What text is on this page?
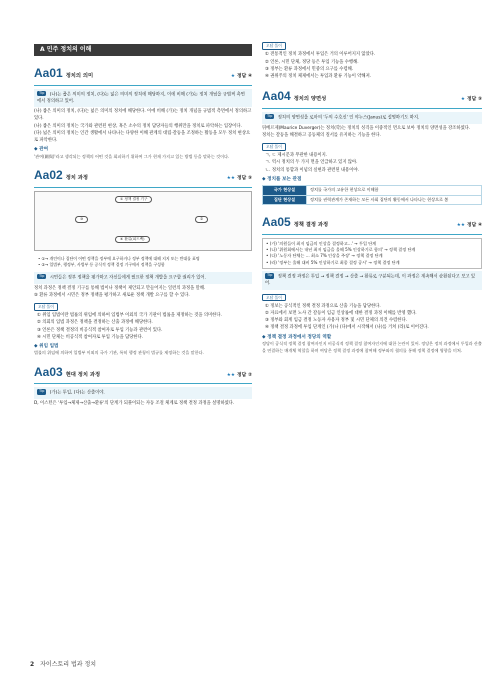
A 민주 정치의 이해
Aa01 정치의 의미	★ 정답 ④
Tip (나)는 좁은 의미의 정치, (다)는 넓은 의미의 정치에 해당하지, 이에 비해 (가)는 정치 개념을 규범적 측면에서 정의하고 있어.

(나) 좁은 의미의 정치, (다)는 넓은 의미의 정치에 해당한다. 이에 비해 (가)는 정치 개념을 규범적 측면에서 정의하고 있다.

(나) 좁은 의미의 정치는 국가와 관련된 현상, 혹은 소수의 정치 담당자들의 행위만을 정치로 파악하는 입장이다.

(다) 넓은 의미의 정치는 인간 생활에서 나타나는 다양한 이해 관계의 대립·갈등을 조정하는 활동을 모두 정치 현상으로 파악한다.

◆ 관여

'관여(關與)'라고 생각되는 정책의 어떤 것을 회피하기 위하여 그가 현재 가지고 있는 방법 등을 말하는 것이다.

Aa02 정치 과정	★★ 정답 ⑤
① 정책 결정 기구
④ 환류(피드백)
③	②

• ①→ 개인이나 집단이 어떤 정책을 정부에 요구하거나 정부 정책에 대해 지지 또는 반대를 표명

• ②→ 입법부, 행정부, 사법부 등 공식적 정책 결정 기구에서 정책을 구성함

Tip 시민들은 정부 정책을 평가하고 자신들에게 필요한 정책 개발을 요구할 권리가 있어.

정치 과정은 정책 결정 기구를 통해 법이나 정책이 제안되고 만들어지는 일련의 과정을 말해.

⑤ 환류 과정에서 시민은 정부 정책을 평가하고 새로운 정책 개발 요구를 할 수 있다.

오답 풀이

① 위임 입법이란 법률의 위임에 의하여 입법부 이외의 국가 기관이 법률을 제정하는 것을 의미한다.

② 의회의 입법 과정은 정책을 결정하는 산출 과정에 해당한다.

③ 언론은 정책 결정의 비공식적 참여자로 투입 기능과 관련이 있다.

④ 시민 단체는 비공식적 참여자로 투입 기능을 담당한다.

◆ 위임 입법

법률의 위임에 의하여 입법부 이외의 국가 기관, 특히 행정 관청이 법규를 제정하는 것을 말한다.

Aa03 현대 정치 과정	★★ 정답 ②
Tip (가)는 투입, (다)는 산출이야.

D, 이스턴은 '투입→체제→산출→환류'의 단계가 되풀이되는 자동 조절 체계로 정책 결정 과정을 설명하였다.

오답 풀이

① 전통적인 정치 과정에서 투입은 거의 이루어지지 않았다.

② 언론, 시민 단체, 정당 등은 투입 기능을 수행해.

③ 정부는 환류 과정에서 민중의 요구를 수렴해.

④ 권위주의 정치 체제에서는 투입과 환류 기능이 약해져.

Aa04 정치의 양면성	★ 정답 ⑤
Tip 정치의 양면성을 로마의 '두의 수호신' 인 야누스(Janus)로 설명하기도 하지.

뒤베르제(Maurice Duverger)는 정치(학)는 정치의 성격을 이중적인 면으로 보아 정치의 양면성을 강조하였다.

정치는 갈등을 해결하고 공동체의 질서를 유지하는 기능을 한다.

오답 풀이

ㄱ, ㄷ 제시문과 무관한 내용이지.

ㄱ. 역시 정치의 두 가지 면을 언급하고 있지 않아.

ㄴ. 정치의 통합과 이념의 실현과 관련된 내용이야.

◆ 정치를 보는 관점
국가 현상설	정치를 국가의 고유한 현상으로 이해함
집단 현상설	정치를 권력관계가 존재하는 모든 사회 집단의 활동에서 나타나는 현상으로 봄
Aa05 정책 결정 과정	★★ 정답 ④

• (가) '의원들이 최저 임금의 인상을 결정하고…' → 투입 단계

• (나) '위원회에서는 내년 최저 임금을 올해 5% 인상하기로 함의' → 정책 결정 단계

• (다) '노동자 단체는 … 최소 7% 인상을 주장' → 정책 결정 단계

• (라) '정부는 올해 대비 5% 인상하기로 최종 결정 공시' → 정책 결정 단계

Tip 정책 결정 과정은 투입 → 정책 결정 → 산출 → 환류로 구분되는데, 이 과정은 계속해서 순환된다고 보고 있어.
오답 풀이

① 정보는 공식적인 정책 결정 과정으로 산출 기능을 담당한다.

② 자료에서 보면 노사 간 갈등이 임금 인상률에 대한 결정 과정 이해를 반영 했다.

③ 정부와 회계 임금 결정 노동자 사용자 정부 및 시민 단체의 의견 수렴한다.

④ 정책 결정 과정에 투입 단계인 (가)나 (다)에서 시작해서 (나)를 거쳐 (라)로 이어진다.

◆ 정책 결정 과정에서 정당의 역할

정당이 공식적 정책 결정 참여자인지 비공식적 정책 결정 참여자인지에 대한 논란이 있어. 정당은 정치 과정에서 투입과 산출을 연결하는 매개체 역할을 하며 여당은 정책 결정 과정에 참여해 정부와의 협의를 통해 정책 결정에 영향을 미쳐.

2 자이스토리 법과 정치
